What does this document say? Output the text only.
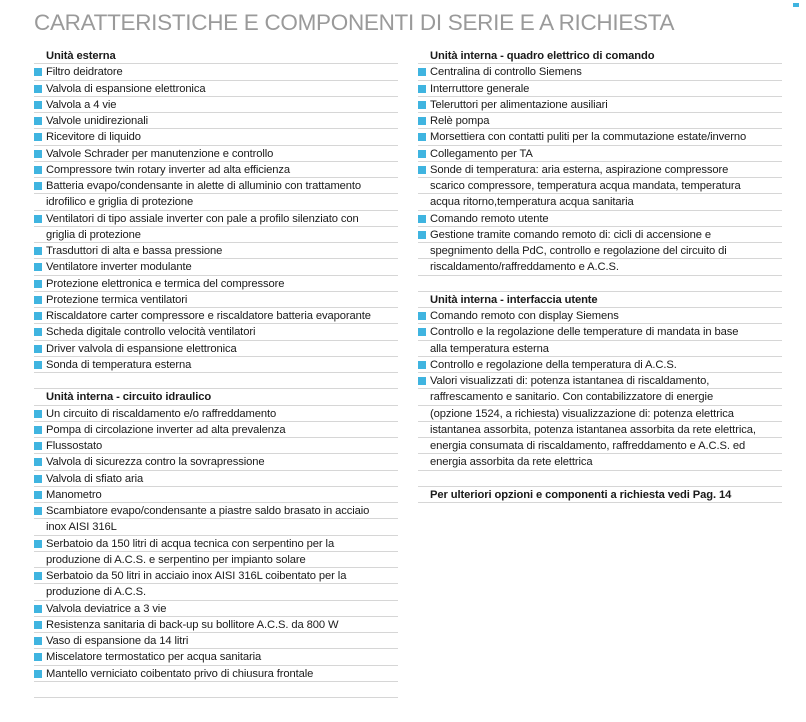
CARATTERISTICHE E COMPONENTI DI SERIE E A RICHIESTA
Unità esterna
Filtro deidratore
Valvola di espansione elettronica
Valvola a 4 vie
Valvole unidirezionali
Ricevitore di liquido
Valvole Schrader per manutenzione e controllo
Compressore twin rotary inverter ad alta efficienza
Batteria evapo/condensante in alette di alluminio con trattamento
idrofilico e griglia di protezione
Ventilatori di tipo assiale inverter con pale a profilo silenziato con
griglia di protezione
Trasduttori di alta e bassa pressione
Ventilatore inverter modulante
Protezione elettronica e termica del compressore
Protezione termica ventilatori
Riscaldatore carter compressore e riscaldatore batteria evaporante
Scheda digitale controllo velocità ventilatori
Driver valvola di espansione elettronica
Sonda di temperatura esterna
Unità interna - circuito idraulico
Un circuito di riscaldamento e/o raffreddamento
Pompa di circolazione inverter ad alta prevalenza
Flussostato
Valvola di sicurezza contro la sovrapressione
Valvola di sfiato aria
Manometro
Scambiatore evapo/condensante a piastre saldo brasato in acciaio
inox AISI 316L
Serbatoio da 150 litri di acqua tecnica con serpentino per la
produzione di A.C.S. e serpentino per impianto solare
Serbatoio da 50 litri in acciaio inox AISI 316L coibentato per la
produzione di A.C.S.
Valvola deviatrice a 3 vie
Resistenza sanitaria di back-up su bollitore A.C.S. da 800 W
Vaso di espansione da 14 litri
Miscelatore termostatico per acqua sanitaria
Mantello verniciato coibentato privo di chiusura frontale
Unità interna - quadro elettrico di comando
Centralina di controllo Siemens
Interruttore generale
Teleruttori per alimentazione ausiliari
Relè pompa
Morsettiera con contatti puliti per la commutazione estate/inverno
Collegamento per TA
Sonde di temperatura: aria esterna, aspirazione compressore
scarico compressore, temperatura acqua mandata, temperatura
acqua ritorno,temperatura acqua sanitaria
Comando remoto utente
Gestione tramite comando remoto di: cicli di accensione e
spegnimento della PdC, controllo e regolazione del circuito di
riscaldamento/raffreddamento e A.C.S.
Unità interna - interfaccia utente
Comando remoto con display Siemens
Controllo e la regolazione delle temperature di mandata in base
alla temperatura esterna
Controllo e regolazione della temperatura di A.C.S.
Valori visualizzati di: potenza istantanea di riscaldamento,
raffrescamento e sanitario. Con contabilizzatore di energie
(opzione 1524, a richiesta) visualizzazione di: potenza elettrica
istantanea assorbita, potenza istantanea assorbita da rete elettrica,
energia consumata di riscaldamento, raffreddamento e A.C.S. ed
energia assorbita da rete elettrica
Per ulteriori opzioni e componenti a richiesta vedi Pag. 14
